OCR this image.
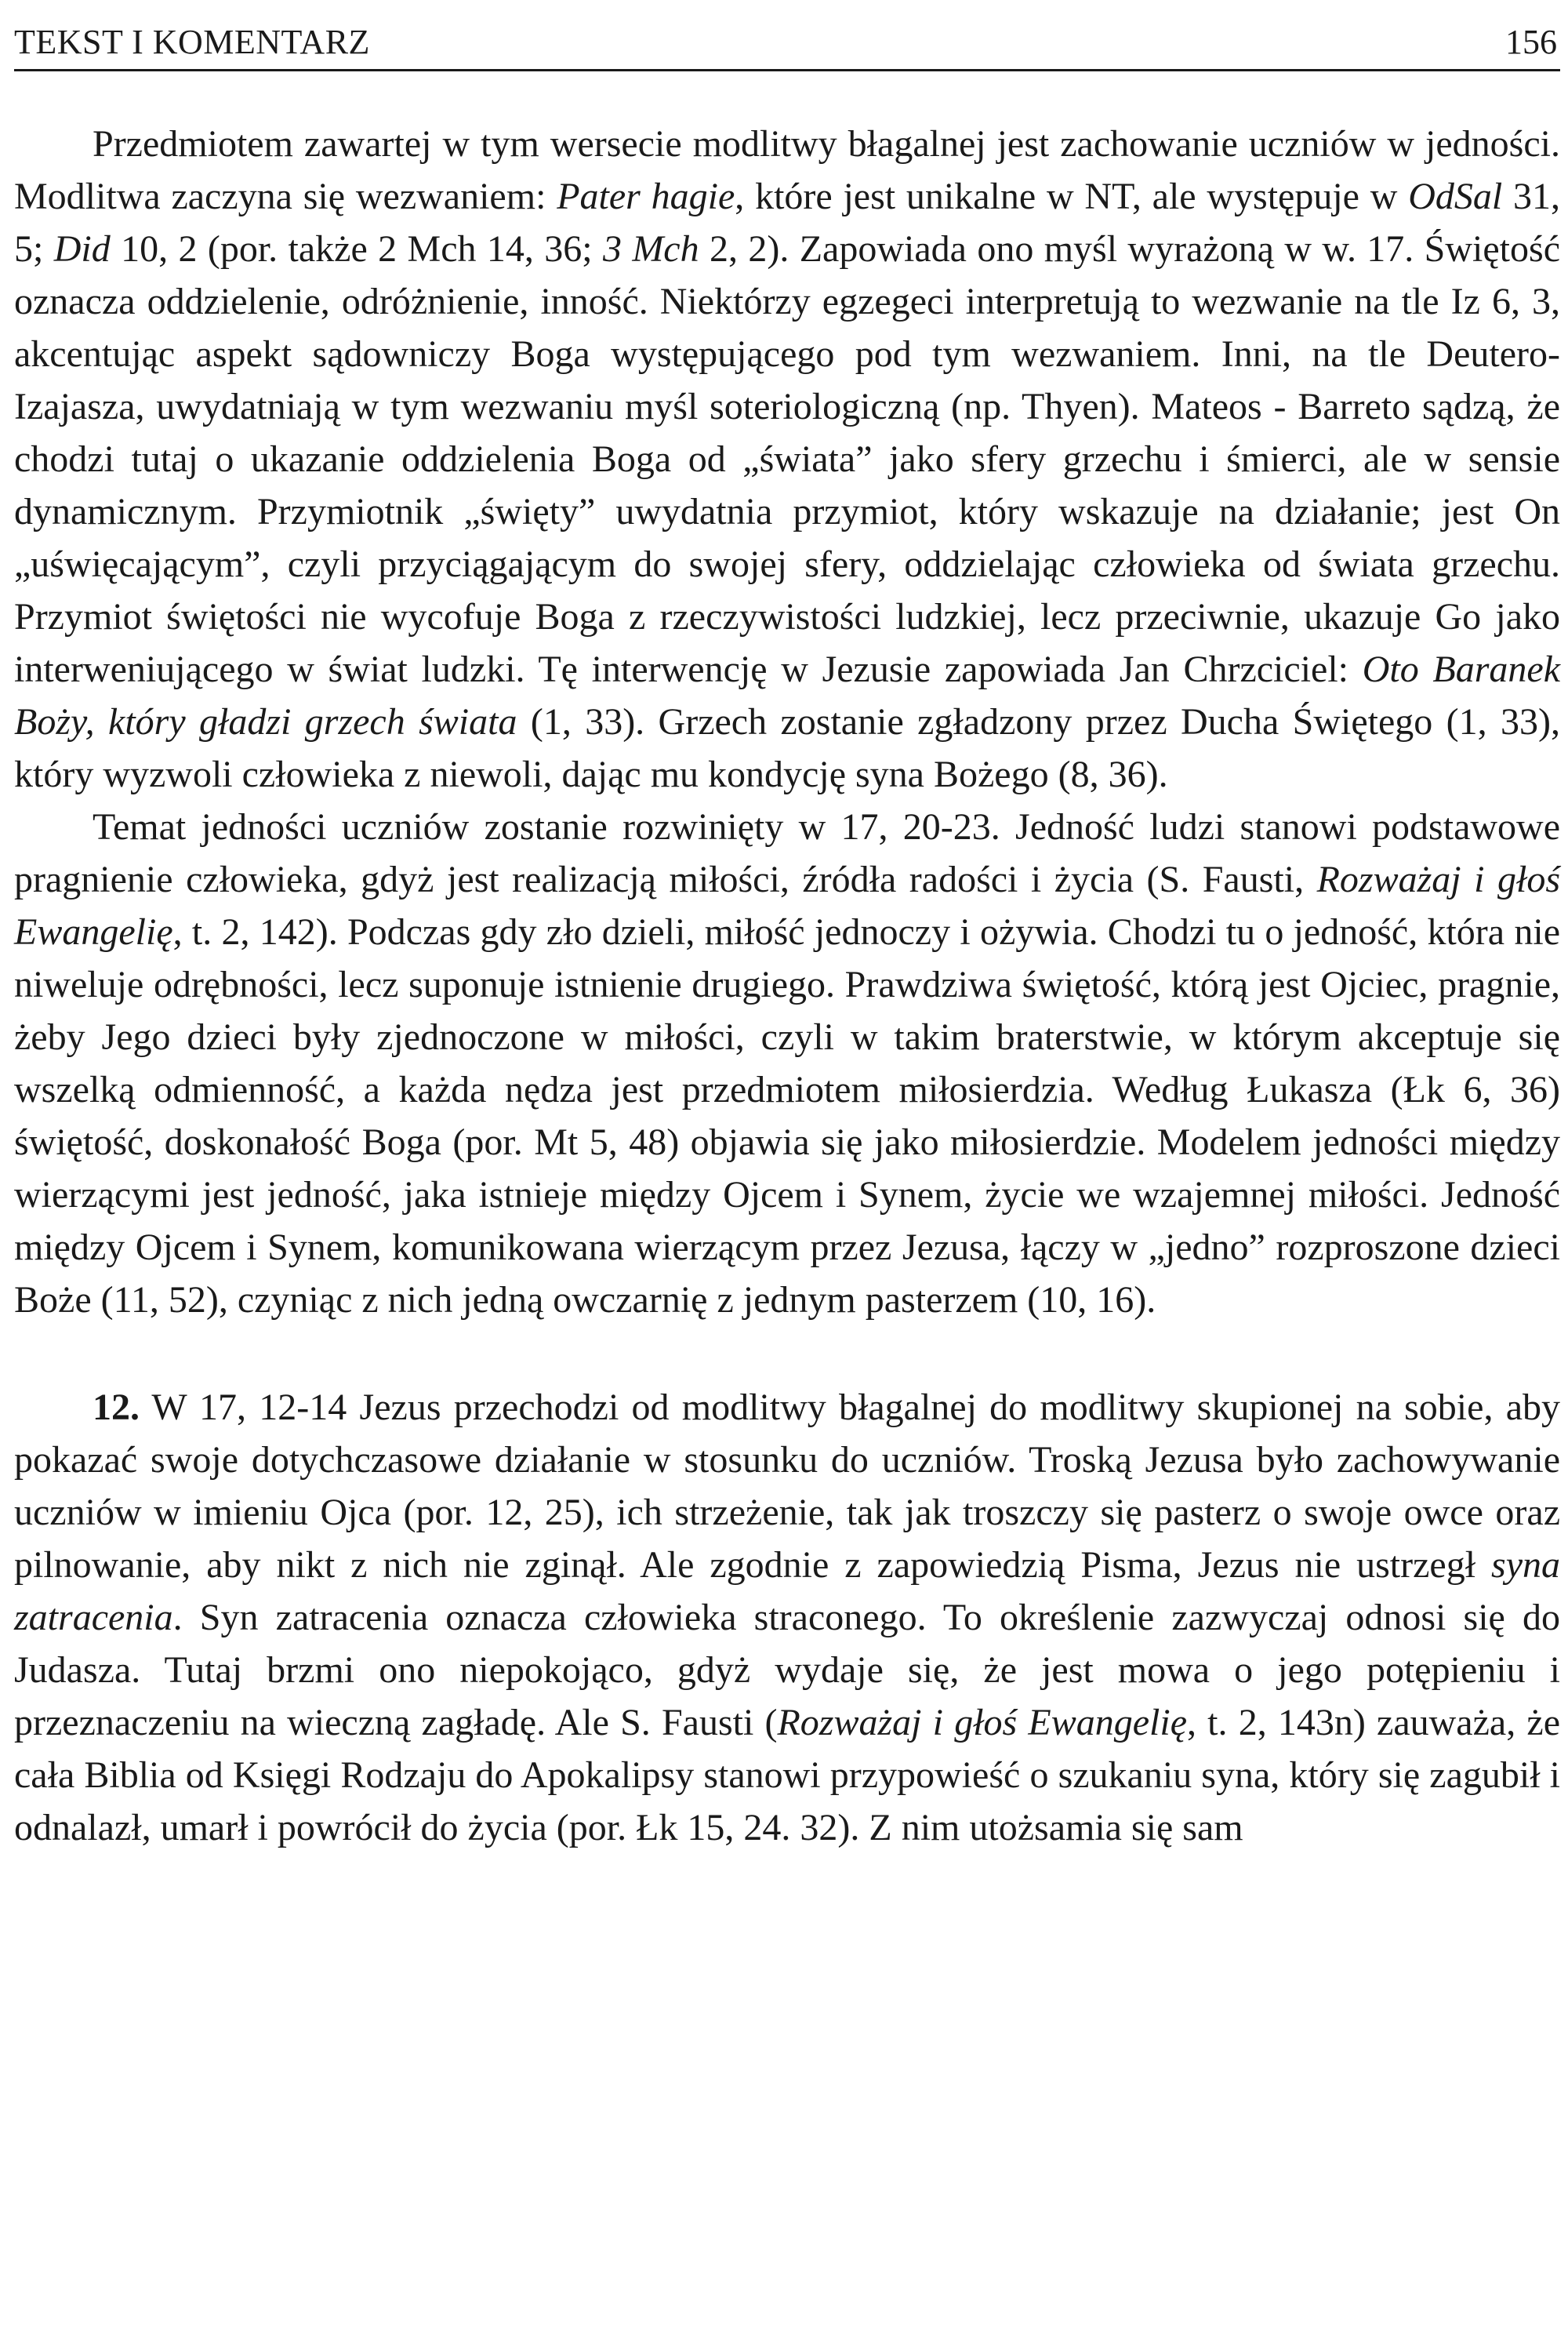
TEKST I KOMENTARZ	156

Przedmiotem zawartej w tym wersecie modlitwy błagalnej jest zachowanie uczniów w jedności. Modlitwa zaczyna się wezwaniem: Pater hagie, które jest unikalne w NT, ale występuje w OdSal 31, 5; Did 10, 2 (por. także 2 Mch 14, 36; 3 Mch 2, 2). Zapowiada ono myśl wyrażoną w w. 17. Świętość oznacza oddzielenie, odróżnienie, inność. Niektórzy egzegeci interpretują to wezwanie na tle Iz 6, 3, akcentując aspekt sądowniczy Boga występującego pod tym wezwaniem. Inni, na tle Deutero-Izajasza, uwydatniają w tym wezwaniu myśl soteriologiczną (np. Thyen). Mateos - Barreto sądzą, że chodzi tutaj o ukazanie oddzielenia Boga od „świata” jako sfery grzechu i śmierci, ale w sensie dynamicznym. Przymiotnik „święty” uwydatnia przymiot, który wskazuje na działanie; jest On „uświęcającym”, czyli przyciągającym do swojej sfery, oddzielając człowieka od świata grzechu. Przymiot świętości nie wycofuje Boga z rzeczywistości ludzkiej, lecz przeciwnie, ukazuje Go jako interweniującego w świat ludzki. Tę interwencję w Jezusie zapowiada Jan Chrzciciel: Oto Baranek Boży, który gładzi grzech świata (1, 33). Grzech zostanie zgładzony przez Ducha Świętego (1, 33), który wyzwoli człowieka z niewoli, dając mu kondycję syna Bożego (8, 36).

Temat jedności uczniów zostanie rozwinięty w 17, 20-23. Jedność ludzi stanowi podstawowe pragnienie człowieka, gdyż jest realizacją miłości, źródła radości i życia (S. Fausti, Rozważaj i głoś Ewangelię, t. 2, 142). Podczas gdy zło dzieli, miłość jednoczy i ożywia. Chodzi tu o jedność, która nie niweluje odrębności, lecz suponuje istnienie drugiego. Prawdziwa świętość, którą jest Ojciec, pragnie, żeby Jego dzieci były zjednoczone w miłości, czyli w takim braterstwie, w którym akceptuje się wszelką odmienność, a każda nędza jest przedmiotem miłosierdzia. Według Łukasza (Łk 6, 36) świętość, doskonałość Boga (por. Mt 5, 48) objawia się jako miłosierdzie. Modelem jedności między wierzącymi jest jedność, jaka istnieje między Ojcem i Synem, życie we wzajemnej miłości. Jedność między Ojcem i Synem, komunikowana wierzącym przez Jezusa, łączy w „jedno” rozproszone dzieci Boże (11, 52), czyniąc z nich jedną owczarnię z jednym pasterzem (10, 16).

12. W 17, 12-14 Jezus przechodzi od modlitwy błagalnej do modlitwy skupionej na sobie, aby pokazać swoje dotychczasowe działanie w stosunku do uczniów. Troską Jezusa było zachowywanie uczniów w imieniu Ojca (por. 12, 25), ich strzeżenie, tak jak troszczy się pasterz o swoje owce oraz pilnowanie, aby nikt z nich nie zginął. Ale zgodnie z zapowiedzią Pisma, Jezus nie ustrzegł syna zatracenia. Syn zatracenia oznacza człowieka straconego. To określenie zazwyczaj odnosi się do Judasza. Tutaj brzmi ono niepokojąco, gdyż wydaje się, że jest mowa o jego potępieniu i przeznaczeniu na wieczną zagładę. Ale S. Fausti (Rozważaj i głoś Ewangelię, t. 2, 143n) zauważa, że cała Biblia od Księgi Rodzaju do Apokalipsy stanowi przypowieść o szukaniu syna, który się zagubił i odnalazł, umarł i powrócił do życia (por. Łk 15, 24. 32). Z nim utożsamia się sam
